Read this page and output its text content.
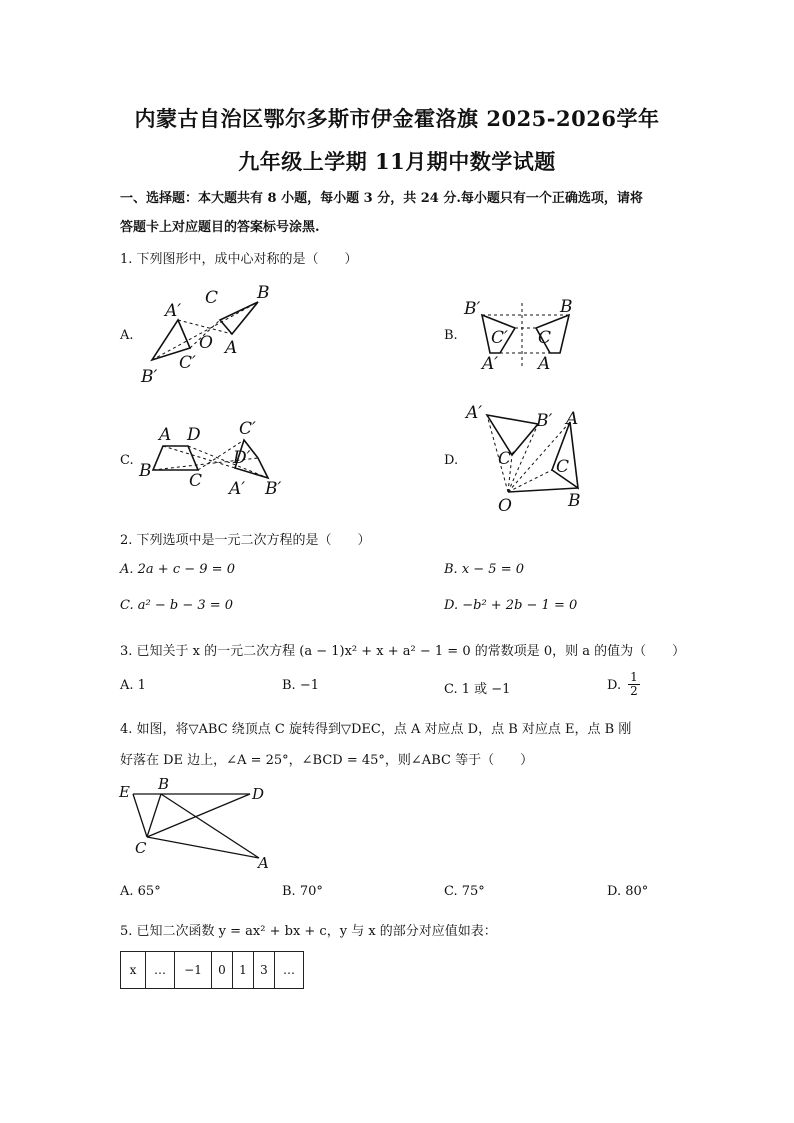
内蒙古自治区鄂尔多斯市伊金霍洛旗 2025-2026学年
九年级上学期 11月期中数学试题
一、选择题：本大题共有 8 小题，每小题 3 分，共 24 分.每小题只有一个正确选项，请将
答题卡上对应题目的答案标号涂黑.
1. 下列图形中，成中心对称的是（　　）
A.	B.
C.	D.
A′
C B
O A
B′
C′
B′	B
C′ C
A′ A
A D C′
B
D′
C A′ B′
A′	B′ A
C′ C
O	B
2. 下列选项中是一元二次方程的是（　　）
A. 2a + c − 9 = 0	B. x − 5 = 0
C. a² − b − 3 = 0	D. −b² + 2b − 1 = 0
3. 已知关于 x 的一元二次方程 (a − 1)x² + x + a² − 1 = 0 的常数项是 0，则 a 的值为（　　）
A. 1	B. −1	C. 1 或 −1	D. $\frac{1}{2}$
4. 如图，将▽ABC 绕顶点 C 旋转得到▽DEC，点 A 对应点 D，点 B 对应点 E，点 B 刚
好落在 DE 边上，∠A = 25°，∠BCD = 45°，则∠ABC 等于（　　）
E B
D
C
A
A. 65°	B. 70°	C. 75°	D. 80°
5. 已知二次函数 y = ax² + bx + c，y 与 x 的部分对应值如表：
x	…	−1	0	1	3	…
